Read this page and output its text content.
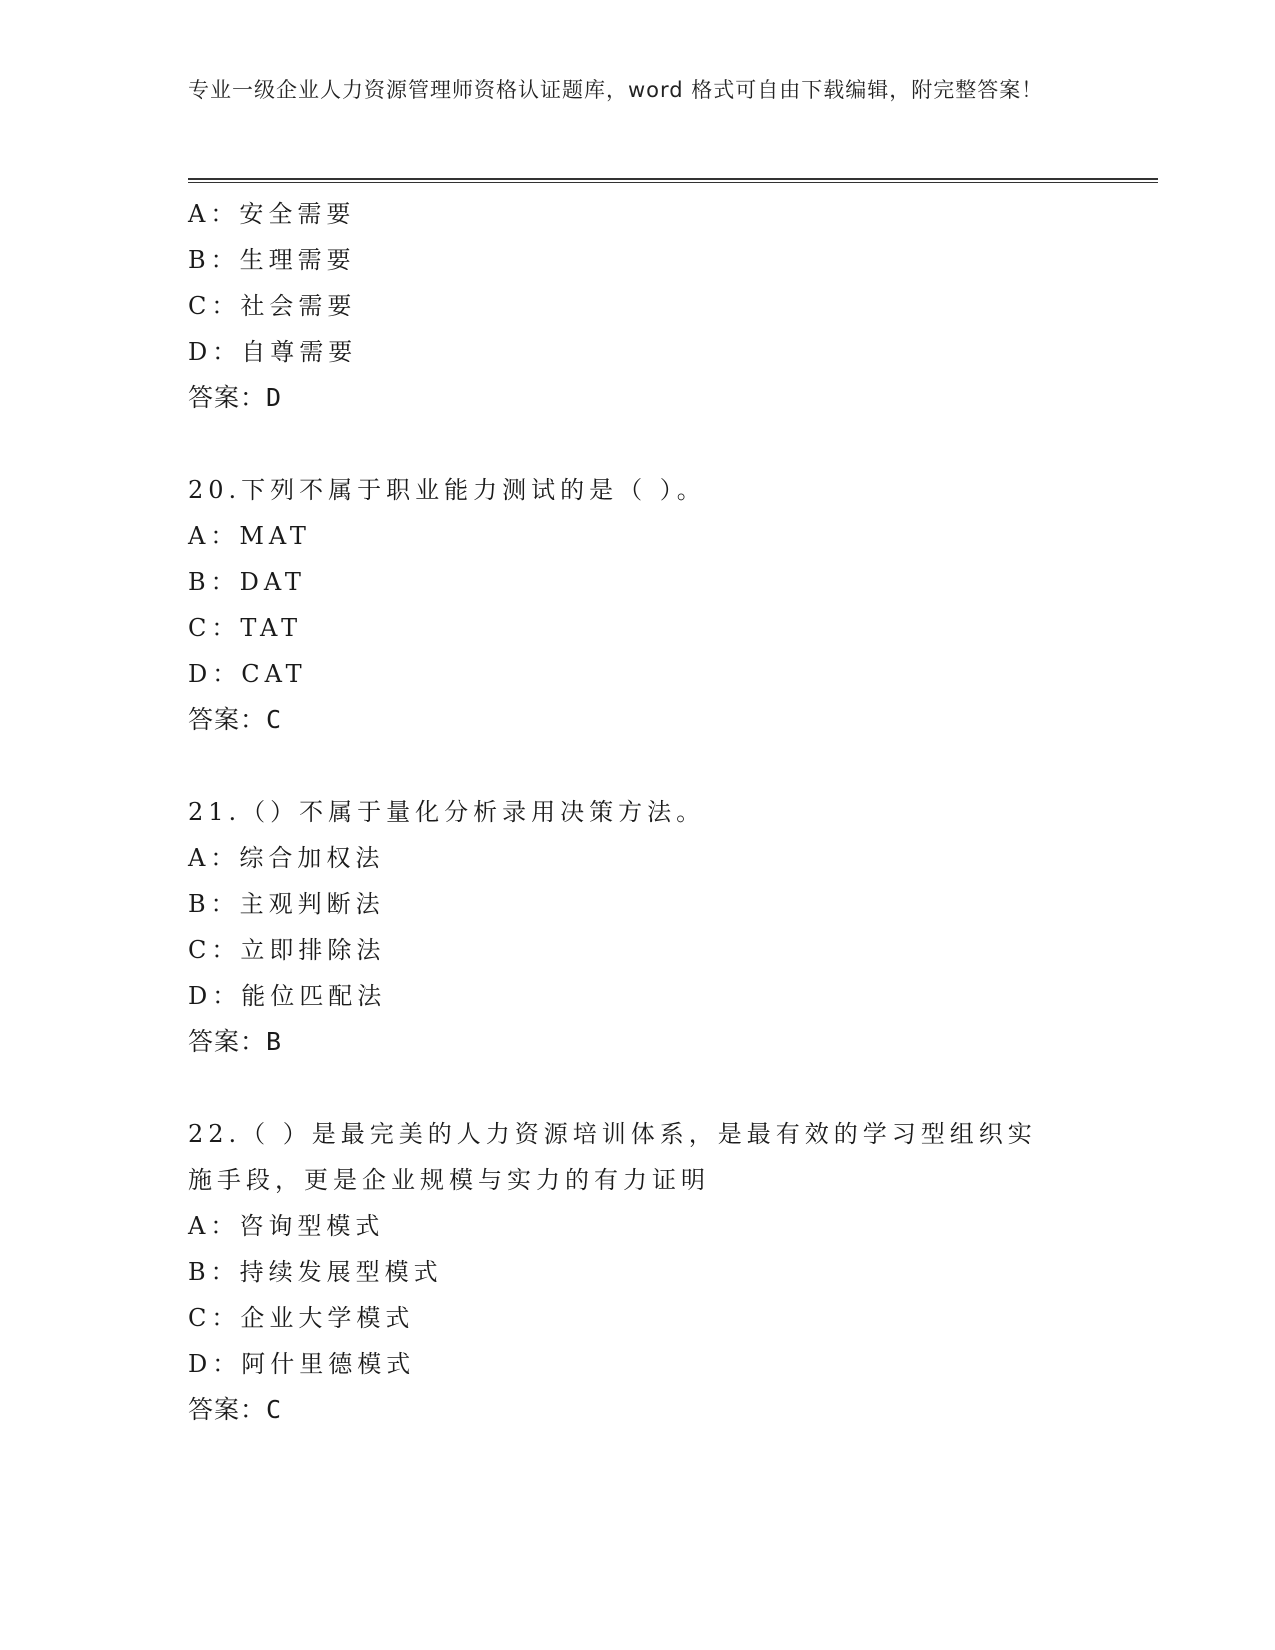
专业一级企业人力资源管理师资格认证题库，word 格式可自由下载编辑，附完整答案！
A：安全需要
B：生理需要
C：社会需要
D：自尊需要
答案：D
20.下列不属于职业能力测试的是（ ）。
A：MAT
B：DAT
C：TAT
D：CAT
答案：C
21.（）不属于量化分析录用决策方法。
A：综合加权法
B：主观判断法
C：立即排除法
D：能位匹配法
答案：B
22.（ ）是最完美的人力资源培训体系，是最有效的学习型组织实施手段，更是企业规模与实力的有力证明
A：咨询型模式
B：持续发展型模式
C：企业大学模式
D：阿什里德模式
答案：C
